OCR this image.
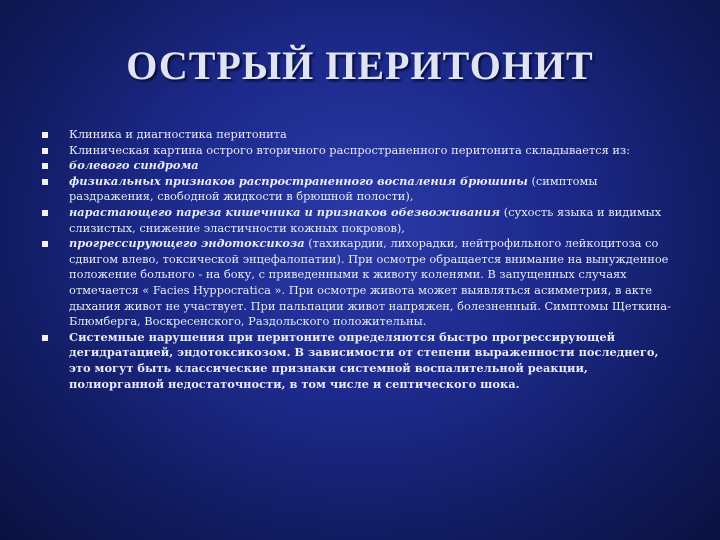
ОСТРЫЙ ПЕРИТОНИТ
Клиника и диагностика перитонита
Клиническая картина острого вторичного распространенного перитонита складывается из:
болевого синдрома
физикальных признаков распространенного воспаления брюшины (симптомы раздражения, свободной жидкости в брюшной полости),
нарастающего пареза кишечника и признаков обезвоживания (сухость языка и видимых слизистых, снижение эластичности кожных покровов),
прогрессирующего эндотоксикоза (тахикардии, лихорадки, нейтрофильного лейкоцитоза со сдвигом влево, токсической энцефалопатии). При осмотре обращается внимание на вынужденное положение больного - на боку, с приведенными к животу коленями. В запущенных случаях отмечается « Facies Hyppocratica ». При осмотре живота может выявляться асимметрия, в акте дыхания живот не участвует. При пальпации живот напряжен, болезненный. Симптомы Щеткина-Блюмберга, Воскресенского, Раздольского положительны.
Системные нарушения при перитоните определяются быстро прогрессирующей дегидратацией, эндотоксикозом. В зависимости от степени выраженности последнего, это могут быть классические признаки системной воспалительной реакции, полиорганной недостаточности, в том числе и септического шока.
